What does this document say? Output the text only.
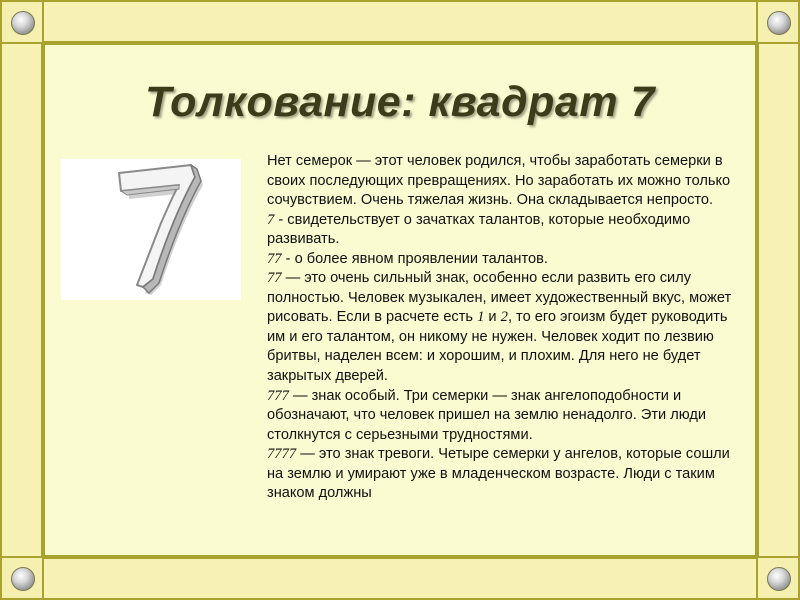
Толкование: квадрат 7

Нет семерок — этот человек родился, чтобы заработать семерки в своих последующих превращениях. Но заработать их можно только сочувствием. Очень тяжелая жизнь. Она складывается непросто.

7 - свидетельствует о зачатках талантов, которые необходимо развивать.

77 - о более явном проявлении талантов.

77 — это очень сильный знак, особенно если развить его силу полностью. Человек музыкален, имеет художественный вкус, может рисовать. Если в расчете есть 1 и 2, то его эгоизм будет руководить им и его талантом, он никому не нужен. Человек ходит по лезвию бритвы, наделен всем: и хорошим, и плохим. Для него не будет закрытых дверей.

777 — знак особый. Три семерки — знак ангелоподобности и обозначают, что человек пришел на землю ненадолго. Эти люди столкнутся с серьезными трудностями.

7777 — это знак тревоги. Четыре семерки у ангелов, которые сошли на землю и умирают уже в младенческом возрасте. Люди с таким знаком должны
